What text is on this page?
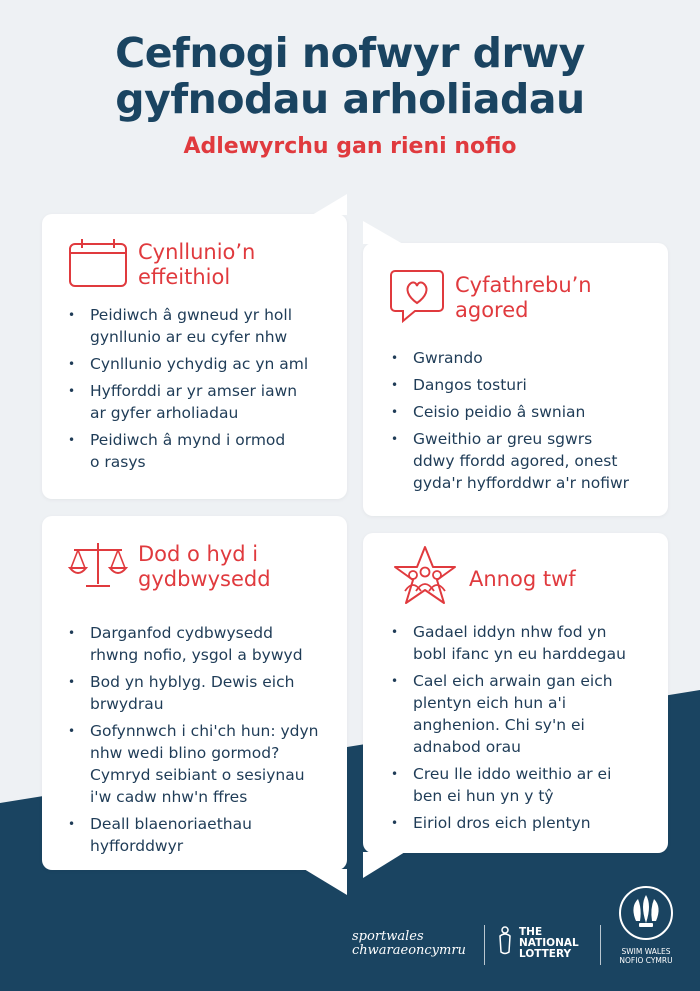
Cefnogi nofwyr drwy
gyfnodau arholiadau
Adlewyrchu gan rieni nofio
Cynllunio’n
effeithiol
• Peidiwch â gwneud yr holl
gynllunio ar eu cyfer nhw
• Cynllunio ychydig ac yn aml
• Hyfforddi ar yr amser iawn
ar gyfer arholiadau
• Peidiwch â mynd i ormod
o rasys
Cyfathrebu’n
agored
• Gwrando
• Dangos tosturi
• Ceisio peidio â swnian
• Gweithio ar greu sgwrs
ddwy ffordd agored, onest
gyda'r hyfforddwr a'r nofiwr
Dod o hyd i
gydbwysedd
• Darganfod cydbwysedd
rhwng nofio, ysgol a bywyd
• Bod yn hyblyg. Dewis eich
brwydrau
• Gofynnwch i chi'ch hun: ydyn
nhw wedi blino gormod?
Cymryd seibiant o sesiynau
i'w cadw nhw'n ffres
• Deall blaenoriaethau
hyfforddwyr
Annog twf
• Gadael iddyn nhw fod yn
bobl ifanc yn eu harddegau
• Cael eich arwain gan eich
plentyn eich hun a'i
anghenion. Chi sy'n ei
adnabod orau
• Creu lle iddo weithio ar ei
ben ei hun yn y tŷ
• Eiriol dros eich plentyn
sportwales
chwaraeoncymru
THE
NATIONAL
LOTTERY	SWIM WALES
NOFIO CYMRU
